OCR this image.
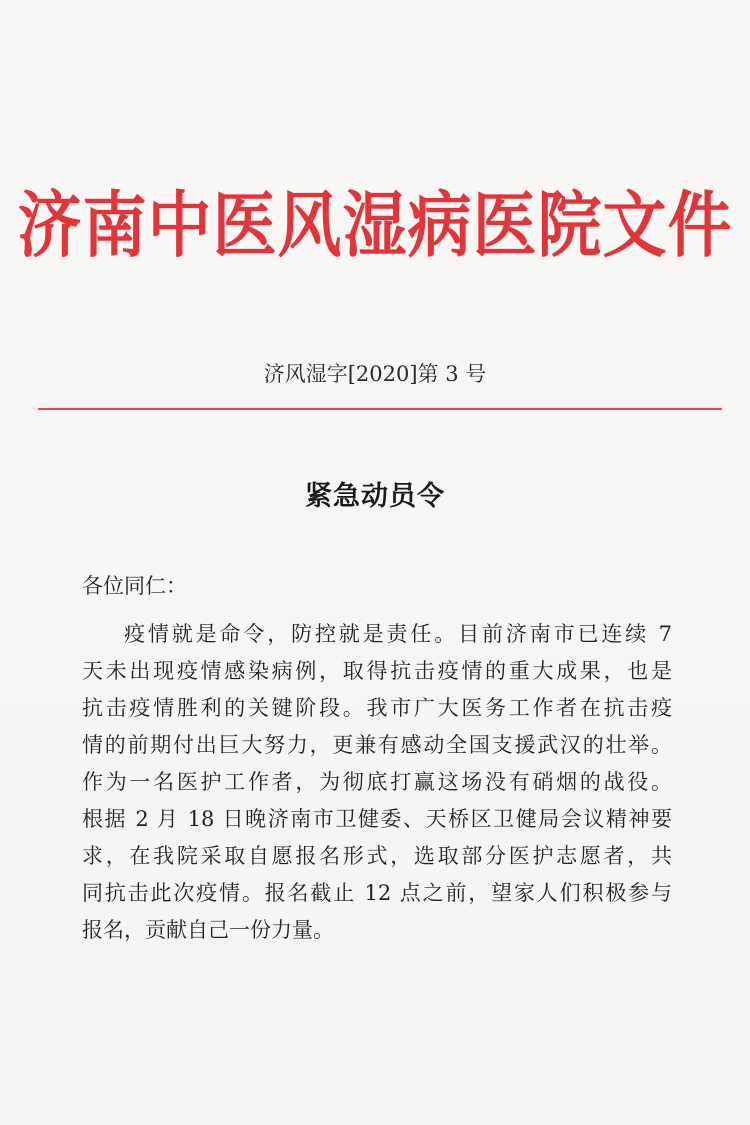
济南中医风湿病医院文件
济风湿字[2020]第 3 号
紧急动员令
各位同仁：
疫情就是命令，防控就是责任。目前济南市已连续 7
天未出现疫情感染病例，取得抗击疫情的重大成果，也是
抗击疫情胜利的关键阶段。我市广大医务工作者在抗击疫
情的前期付出巨大努力，更兼有感动全国支援武汉的壮举。
作为一名医护工作者，为彻底打赢这场没有硝烟的战役。
根据 2 月 18 日晚济南市卫健委、天桥区卫健局会议精神要
求，在我院采取自愿报名形式，选取部分医护志愿者，共
同抗击此次疫情。报名截止 12 点之前，望家人们积极参与
报名，贡献自己一份力量。
